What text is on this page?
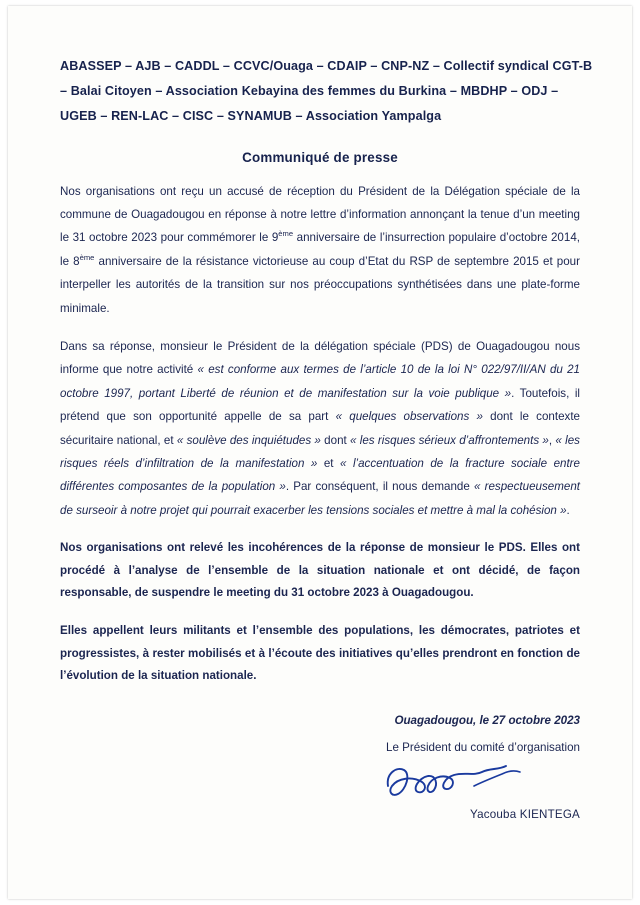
ABASSEP – AJB – CADDL – CCVC/Ouaga – CDAIP – CNP-NZ – Collectif syndical CGT-B
– Balai Citoyen – Association Kebayina des femmes du Burkina – MBDHP – ODJ –
UGEB – REN-LAC – CISC – SYNAMUB – Association Yampalga
Communiqué de presse

Nos organisations ont reçu un accusé de réception du Président de la Délégation spéciale de la commune de Ouagadougou en réponse à notre lettre d’information annonçant la tenue d’un meeting le 31 octobre 2023 pour commémorer le 9ème anniversaire de l’insurrection populaire d’octobre 2014, le 8ème anniversaire de la résistance victorieuse au coup d’Etat du RSP de septembre 2015 et pour interpeller les autorités de la transition sur nos préoccupations synthétisées dans une plate-forme minimale.

Dans sa réponse, monsieur le Président de la délégation spéciale (PDS) de Ouagadougou nous informe que notre activité « est conforme aux termes de l’article 10 de la loi N° 022/97/II/AN du 21 octobre 1997, portant Liberté de réunion et de manifestation sur la voie publique ». Toutefois, il prétend que son opportunité appelle de sa part « quelques observations » dont le contexte sécuritaire national, et « soulève des inquiétudes » dont « les risques sérieux d’affrontements », « les risques réels d’infiltration de la manifestation » et « l’accentuation de la fracture sociale entre différentes composantes de la population ». Par conséquent, il nous demande « respectueusement de surseoir à notre projet qui pourrait exacerber les tensions sociales et mettre à mal la cohésion ».

Nos organisations ont relevé les incohérences de la réponse de monsieur le PDS. Elles ont procédé à l’analyse de l’ensemble de la situation nationale et ont décidé, de façon responsable, de suspendre le meeting du 31 octobre 2023 à Ouagadougou.

Elles appellent leurs militants et l’ensemble des populations, les démocrates, patriotes et progressistes, à rester mobilisés et à l’écoute des initiatives qu’elles prendront en fonction de l’évolution de la situation nationale.

Ouagadougou, le 27 octobre 2023
Le Président du comité d’organisation
Yacouba KIENTEGA
